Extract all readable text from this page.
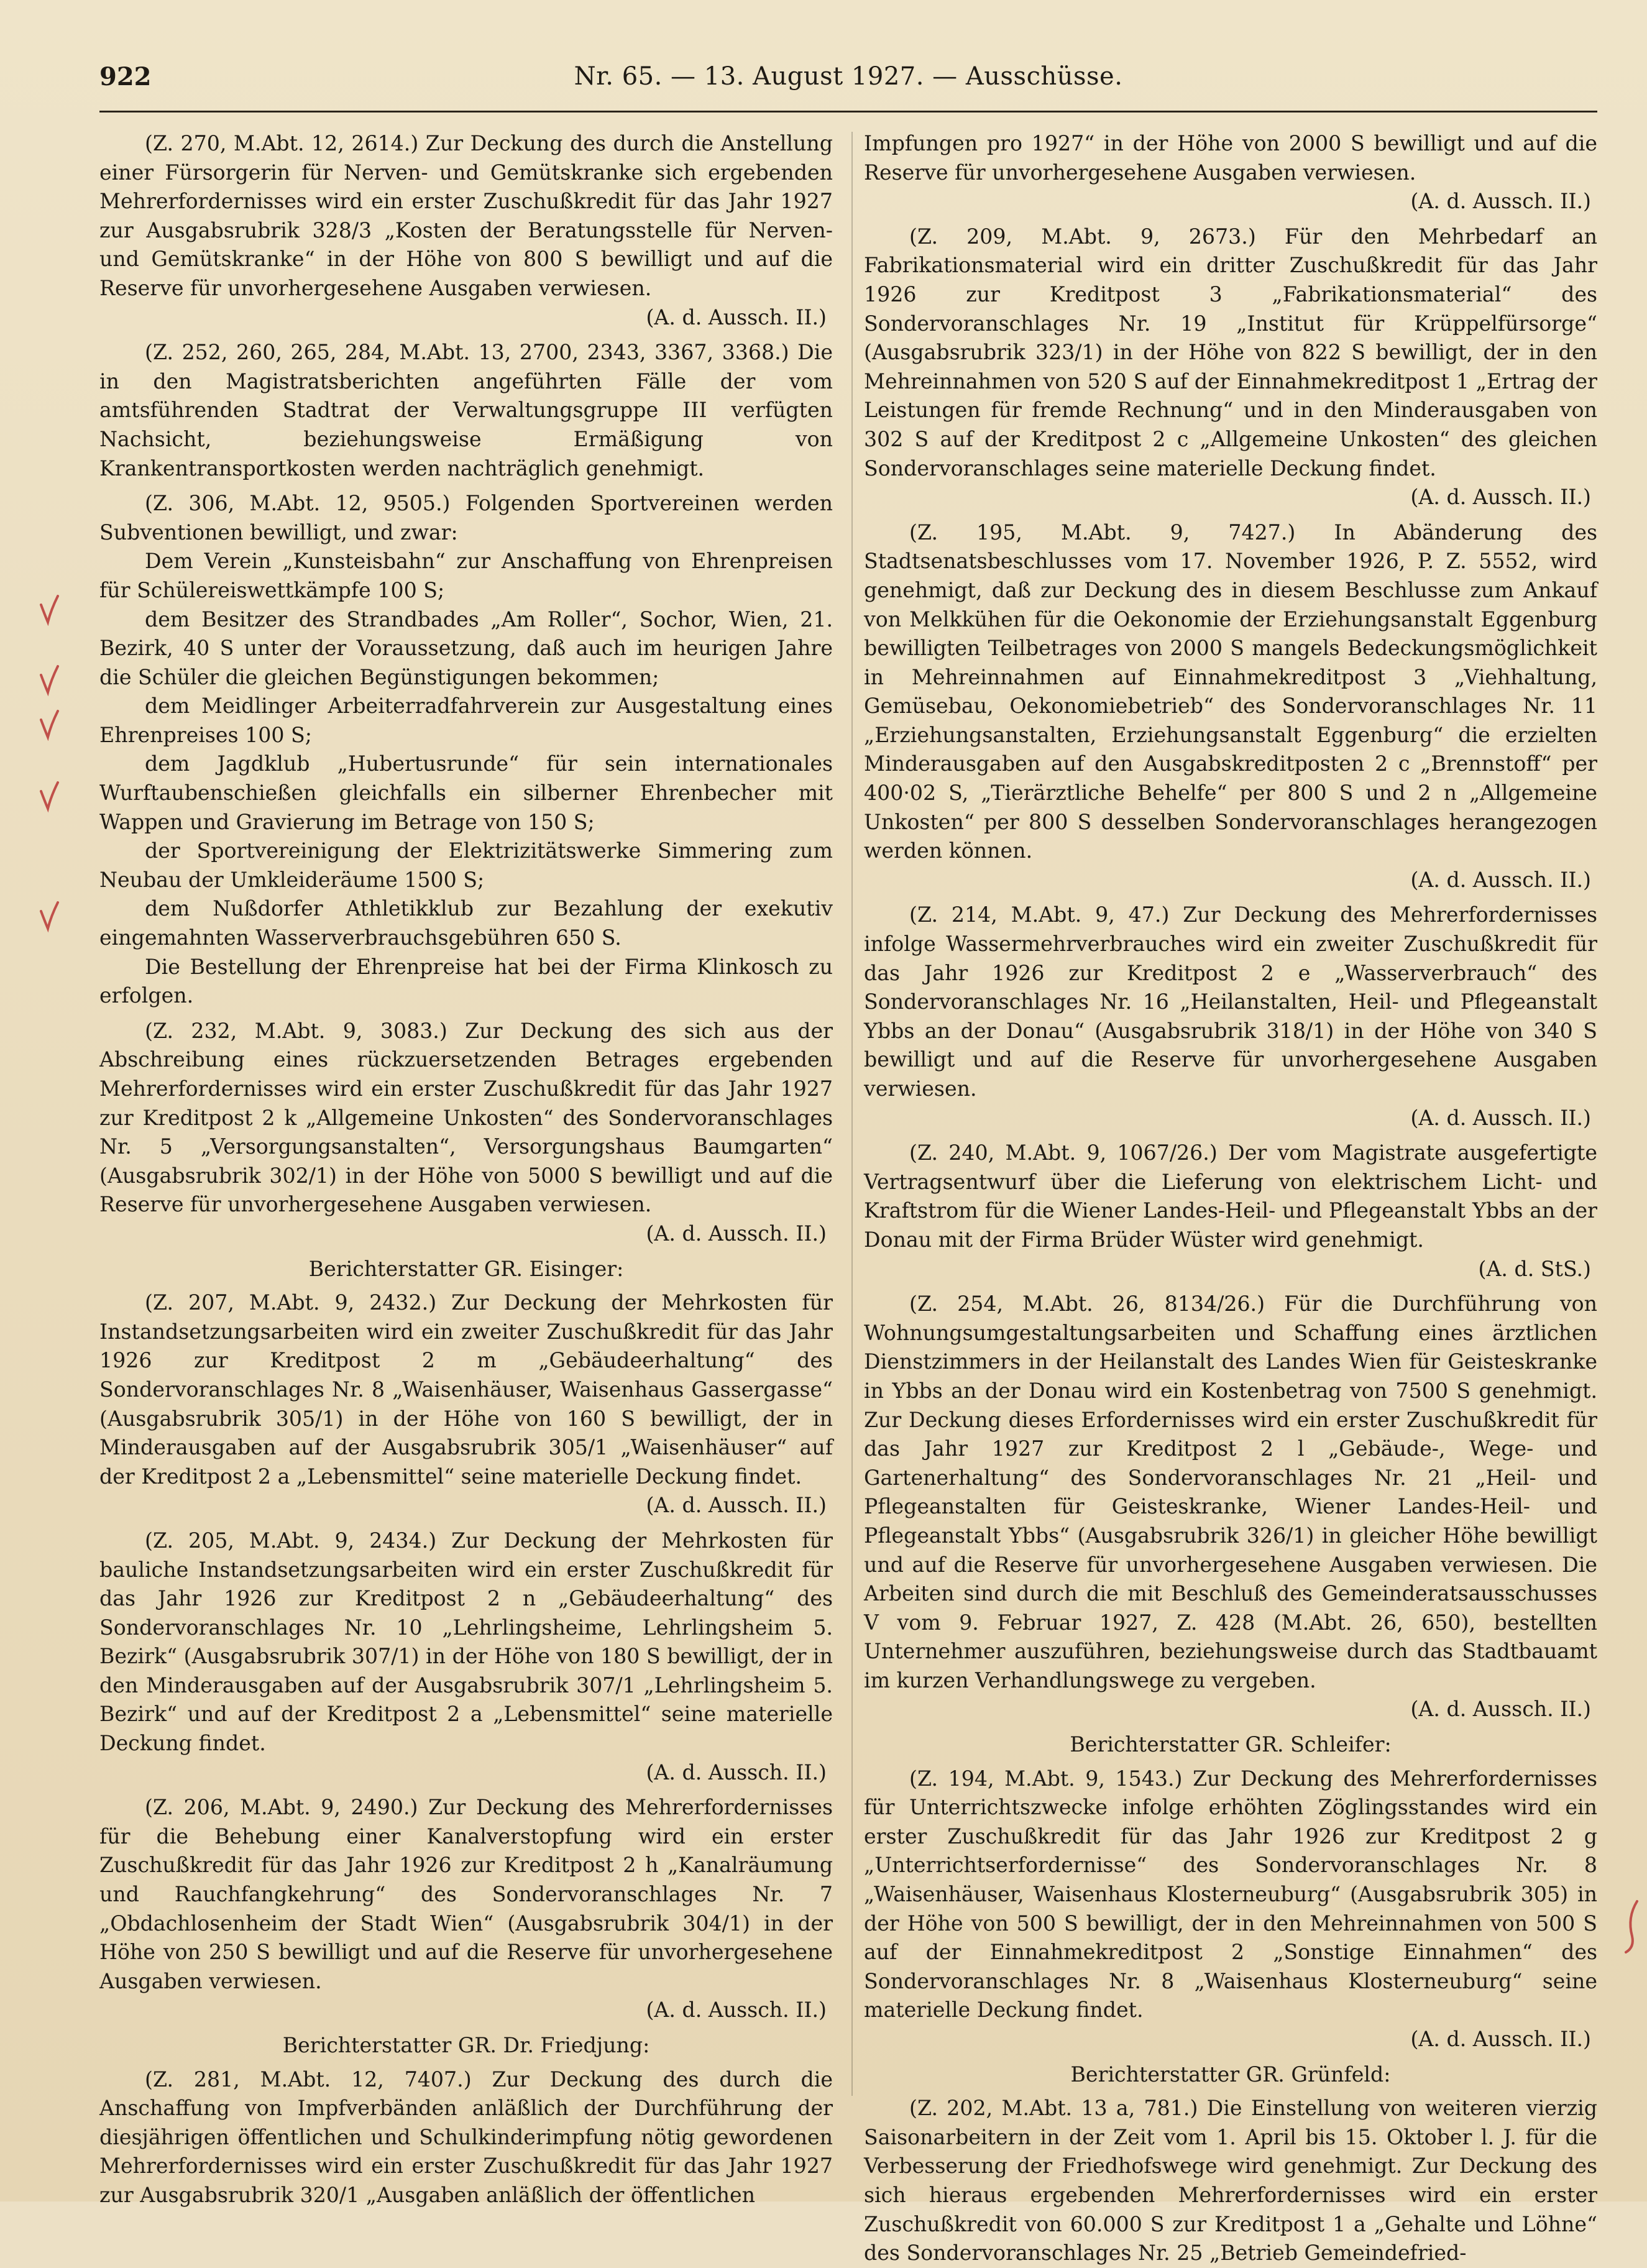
922	Nr. 65. — 13. August 1927. — Ausschüsse.

(Z. 270, M.Abt. 12, 2614.) Zur Deckung des durch die Anstellung einer Fürsorgerin für Nerven- und Gemütskranke sich ergebenden Mehrerfordernisses wird ein erster Zuschußkredit für das Jahr 1927 zur Ausgabsrubrik 328/3 „Kosten der Beratungsstelle für Nerven- und Gemütskranke“ in der Höhe von 800 S bewilligt und auf die Reserve für unvorhergesehene Ausgaben verwiesen.

(A. d. Aussch. II.)

(Z. 252, 260, 265, 284, M.Abt. 13, 2700, 2343, 3367, 3368.) Die in den Magistratsberichten angeführten Fälle der vom amtsführenden Stadtrat der Verwaltungsgruppe III verfügten Nachsicht, beziehungsweise Ermäßigung von Krankentransportkosten werden nachträglich genehmigt.

(Z. 306, M.Abt. 12, 9505.) Folgenden Sportvereinen werden Subventionen bewilligt, und zwar:

Dem Verein „Kunsteisbahn“ zur Anschaffung von Ehrenpreisen für Schülereiswettkämpfe 100 S;

dem Besitzer des Strandbades „Am Roller“, Sochor, Wien, 21. Bezirk, 40 S unter der Voraussetzung, daß auch im heurigen Jahre die Schüler die gleichen Begünstigungen bekommen;

dem Meidlinger Arbeiterradfahrverein zur Ausgestaltung eines Ehrenpreises 100 S;

dem Jagdklub „Hubertusrunde“ für sein internationales Wurftaubenschießen gleichfalls ein silberner Ehrenbecher mit Wappen und Gravierung im Betrage von 150 S;

der Sportvereinigung der Elektrizitätswerke Simmering zum Neubau der Umkleideräume 1500 S;

dem Nußdorfer Athletikklub zur Bezahlung der exekutiv eingemahnten Wasserverbrauchsgebühren 650 S.

Die Bestellung der Ehrenpreise hat bei der Firma Klinkosch zu erfolgen.

(Z. 232, M.Abt. 9, 3083.) Zur Deckung des sich aus der Abschreibung eines rückzuersetzenden Betrages ergebenden Mehrerfordernisses wird ein erster Zuschußkredit für das Jahr 1927 zur Kreditpost 2 k „Allgemeine Unkosten“ des Sondervoranschlages Nr. 5 „Versorgungsanstalten“, Versorgungshaus Baumgarten“ (Ausgabsrubrik 302/1) in der Höhe von 5000 S bewilligt und auf die Reserve für unvorhergesehene Ausgaben verwiesen.

(A. d. Aussch. II.)

Berichterstatter GR. Eisinger:

(Z. 207, M.Abt. 9, 2432.) Zur Deckung der Mehrkosten für Instandsetzungsarbeiten wird ein zweiter Zuschußkredit für das Jahr 1926 zur Kreditpost 2 m „Gebäudeerhaltung“ des Sondervoranschlages Nr. 8 „Waisenhäuser, Waisenhaus Gassergasse“ (Ausgabsrubrik 305/1) in der Höhe von 160 S bewilligt, der in Minderausgaben auf der Ausgabsrubrik 305/1 „Waisenhäuser“ auf der Kreditpost 2 a „Lebensmittel“ seine materielle Deckung findet.

(A. d. Aussch. II.)

(Z. 205, M.Abt. 9, 2434.) Zur Deckung der Mehrkosten für bauliche Instandsetzungsarbeiten wird ein erster Zuschußkredit für das Jahr 1926 zur Kreditpost 2 n „Gebäudeerhaltung“ des Sondervoranschlages Nr. 10 „Lehrlingsheime, Lehrlingsheim 5. Bezirk“ (Ausgabsrubrik 307/1) in der Höhe von 180 S bewilligt, der in den Minderausgaben auf der Ausgabsrubrik 307/1 „Lehrlingsheim 5. Bezirk“ und auf der Kreditpost 2 a „Lebensmittel“ seine materielle Deckung findet.

(A. d. Aussch. II.)

(Z. 206, M.Abt. 9, 2490.) Zur Deckung des Mehrerfordernisses für die Behebung einer Kanalverstopfung wird ein erster Zuschußkredit für das Jahr 1926 zur Kreditpost 2 h „Kanalräumung und Rauchfangkehrung“ des Sondervoranschlages Nr. 7 „Obdachlosenheim der Stadt Wien“ (Ausgabsrubrik 304/1) in der Höhe von 250 S bewilligt und auf die Reserve für unvorhergesehene Ausgaben verwiesen.

(A. d. Aussch. II.)

Berichterstatter GR. Dr. Friedjung:

(Z. 281, M.Abt. 12, 7407.) Zur Deckung des durch die Anschaffung von Impfverbänden anläßlich der Durchführung der diesjährigen öffentlichen und Schulkinderimpfung nötig gewordenen Mehrerfordernisses wird ein erster Zuschußkredit für das Jahr 1927 zur Ausgabsrubrik 320/1 „Ausgaben anläßlich der öffentlichen

Impfungen pro 1927“ in der Höhe von 2000 S bewilligt und auf die Reserve für unvorhergesehene Ausgaben verwiesen.

(A. d. Aussch. II.)

(Z. 209, M.Abt. 9, 2673.) Für den Mehrbedarf an Fabrikationsmaterial wird ein dritter Zuschußkredit für das Jahr 1926 zur Kreditpost 3 „Fabrikationsmaterial“ des Sondervoranschlages Nr. 19 „Institut für Krüppelfürsorge“ (Ausgabsrubrik 323/1) in der Höhe von 822 S bewilligt, der in den Mehreinnahmen von 520 S auf der Einnahmekreditpost 1 „Ertrag der Leistungen für fremde Rechnung“ und in den Minderausgaben von 302 S auf der Kreditpost 2 c „Allgemeine Unkosten“ des gleichen Sondervoranschlages seine materielle Deckung findet.

(A. d. Aussch. II.)

(Z. 195, M.Abt. 9, 7427.) In Abänderung des Stadtsenatsbeschlusses vom 17. November 1926, P. Z. 5552, wird genehmigt, daß zur Deckung des in diesem Beschlusse zum Ankauf von Melkkühen für die Oekonomie der Erziehungsanstalt Eggenburg bewilligten Teilbetrages von 2000 S mangels Bedeckungsmöglichkeit in Mehreinnahmen auf Einnahmekreditpost 3 „Viehhaltung, Gemüsebau, Oekonomiebetrieb“ des Sondervoranschlages Nr. 11 „Erziehungsanstalten, Erziehungsanstalt Eggenburg“ die erzielten Minderausgaben auf den Ausgabskreditposten 2 c „Brennstoff“ per 400·02 S, „Tierärztliche Behelfe“ per 800 S und 2 n „Allgemeine Unkosten“ per 800 S desselben Sondervoranschlages herangezogen werden können.

(A. d. Aussch. II.)

(Z. 214, M.Abt. 9, 47.) Zur Deckung des Mehrerfordernisses infolge Wassermehrverbrauches wird ein zweiter Zuschußkredit für das Jahr 1926 zur Kreditpost 2 e „Wasserverbrauch“ des Sondervoranschlages Nr. 16 „Heilanstalten, Heil- und Pflegeanstalt Ybbs an der Donau“ (Ausgabsrubrik 318/1) in der Höhe von 340 S bewilligt und auf die Reserve für unvorhergesehene Ausgaben verwiesen.

(A. d. Aussch. II.)

(Z. 240, M.Abt. 9, 1067/26.) Der vom Magistrate ausgefertigte Vertragsentwurf über die Lieferung von elektrischem Licht- und Kraftstrom für die Wiener Landes-Heil- und Pflegeanstalt Ybbs an der Donau mit der Firma Brüder Wüster wird genehmigt.

(A. d. StS.)

(Z. 254, M.Abt. 26, 8134/26.) Für die Durchführung von Wohnungsumgestaltungsarbeiten und Schaffung eines ärztlichen Dienstzimmers in der Heilanstalt des Landes Wien für Geisteskranke in Ybbs an der Donau wird ein Kostenbetrag von 7500 S genehmigt. Zur Deckung dieses Erfordernisses wird ein erster Zuschußkredit für das Jahr 1927 zur Kreditpost 2 l „Gebäude-, Wege- und Gartenerhaltung“ des Sondervoranschlages Nr. 21 „Heil- und Pflegeanstalten für Geisteskranke, Wiener Landes-Heil- und Pflegeanstalt Ybbs“ (Ausgabsrubrik 326/1) in gleicher Höhe bewilligt und auf die Reserve für unvorhergesehene Ausgaben verwiesen. Die Arbeiten sind durch die mit Beschluß des Gemeinderatsausschusses V vom 9. Februar 1927, Z. 428 (M.Abt. 26, 650), bestellten Unternehmer auszuführen, beziehungsweise durch das Stadtbauamt im kurzen Verhandlungswege zu vergeben.

(A. d. Aussch. II.)

Berichterstatter GR. Schleifer:

(Z. 194, M.Abt. 9, 1543.) Zur Deckung des Mehrerfordernisses für Unterrichtszwecke infolge erhöhten Zöglingsstandes wird ein erster Zuschußkredit für das Jahr 1926 zur Kreditpost 2 g „Unterrichtserfordernisse“ des Sondervoranschlages Nr. 8 „Waisenhäuser, Waisenhaus Klosterneuburg“ (Ausgabsrubrik 305) in der Höhe von 500 S bewilligt, der in den Mehreinnahmen von 500 S auf der Einnahmekreditpost 2 „Sonstige Einnahmen“ des Sondervoranschlages Nr. 8 „Waisenhaus Klosterneuburg“ seine materielle Deckung findet.

(A. d. Aussch. II.)

Berichterstatter GR. Grünfeld:

(Z. 202, M.Abt. 13 a, 781.) Die Einstellung von weiteren vierzig Saisonarbeitern in der Zeit vom 1. April bis 15. Oktober l. J. für die Verbesserung der Friedhofswege wird genehmigt. Zur Deckung des sich hieraus ergebenden Mehrerfordernisses wird ein erster Zuschußkredit von 60.000 S zur Kreditpost 1 a „Gehalte und Löhne“ des Sondervoranschlages Nr. 25 „Betrieb Gemeindefried-
